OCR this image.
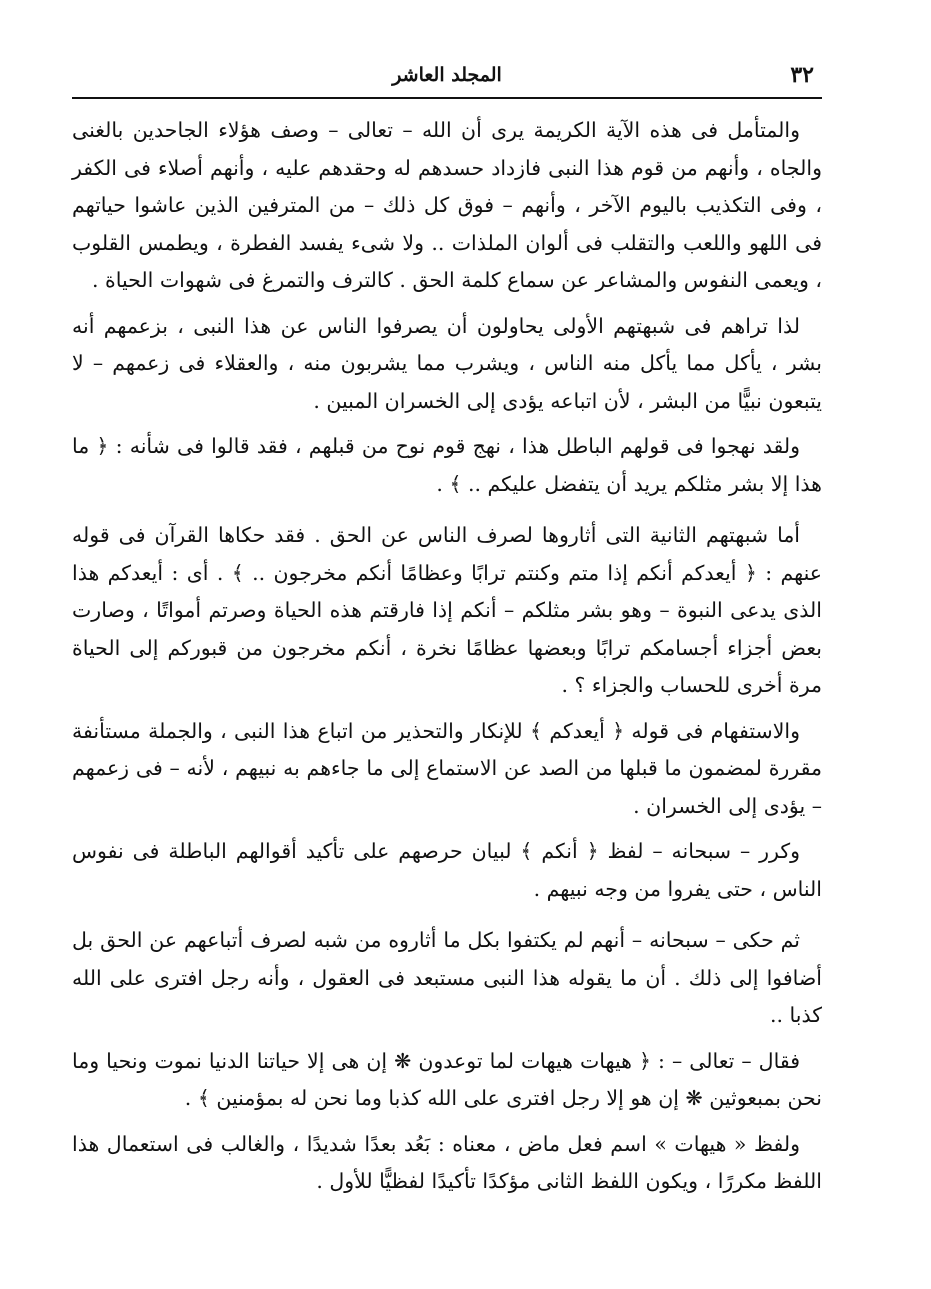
٣٢
المجلد العاشر

والمتأمل فى هذه الآية الكريمة يرى أن الله – تعالى – وصف هؤلاء الجاحدين بالغنى والجاه ، وأنهم من قوم هذا النبى فازداد حسدهم له وحقدهم عليه ، وأنهم أصلاء فى الكفر ، وفى التكذيب باليوم الآخر ، وأنهم – فوق كل ذلك – من المترفين الذين عاشوا حياتهم فى اللهو واللعب والتقلب فى ألوان الملذات .. ولا شىء يفسد الفطرة ، ويطمس القلوب ، ويعمى النفوس والمشاعر عن سماع كلمة الحق . كالترف والتمرغ فى شهوات الحياة .

لذا تراهم فى شبهتهم الأولى يحاولون أن يصرفوا الناس عن هذا النبى ، بزعمهم أنه بشر ، يأكل مما يأكل منه الناس ، ويشرب مما يشربون منه ، والعقلاء فى زعمهم – لا يتبعون نبيًّا من البشر ، لأن اتباعه يؤدى إلى الخسران المبين .

ولقد نهجوا فى قولهم الباطل هذا ، نهج قوم نوح من قبلهم ، فقد قالوا فى شأنه : ﴿ ما هذا إلا بشر مثلكم يريد أن يتفضل عليكم .. ﴾ .

أما شبهتهم الثانية التى أثاروها لصرف الناس عن الحق . فقد حكاها القرآن فى قوله عنهم : ﴿ أيعدكم أنكم إذا متم وكنتم ترابًا وعظامًا أنكم مخرجون .. ﴾ . أى : أيعدكم هذا الذى يدعى النبوة – وهو بشر مثلكم – أنكم إذا فارقتم هذه الحياة وصرتم أمواتًا ، وصارت بعض أجزاء أجسامكم ترابًا وبعضها عظامًا نخرة ، أنكم مخرجون من قبوركم إلى الحياة مرة أخرى للحساب والجزاء ؟ .

والاستفهام فى قوله ﴿ أيعدكم ﴾ للإنكار والتحذير من اتباع هذا النبى ، والجملة مستأنفة مقررة لمضمون ما قبلها من الصد عن الاستماع إلى ما جاءهم به نبيهم ، لأنه – فى زعمهم – يؤدى إلى الخسران .

وكرر – سبحانه – لفظ ﴿ أنكم ﴾ لبيان حرصهم على تأكيد أقوالهم الباطلة فى نفوس الناس ، حتى يفروا من وجه نبيهم .

ثم حكى – سبحانه – أنهم لم يكتفوا بكل ما أثاروه من شبه لصرف أتباعهم عن الحق بل أضافوا إلى ذلك . أن ما يقوله هذا النبى مستبعد فى العقول ، وأنه رجل افترى على الله كذبا ..

فقال – تعالى – : ﴿ هيهات هيهات لما توعدون ❋ إن هى إلا حياتنا الدنيا نموت ونحيا وما نحن بمبعوثين ❋ إن هو إلا رجل افترى على الله كذبا وما نحن له بمؤمنين ﴾ .

ولفظ « هيهات » اسم فعل ماض ، معناه : بَعُد بعدًا شديدًا ، والغالب فى استعمال هذا اللفظ مكررًا ، ويكون اللفظ الثانى مؤكدًا تأكيدًا لفظيًّا للأول .
